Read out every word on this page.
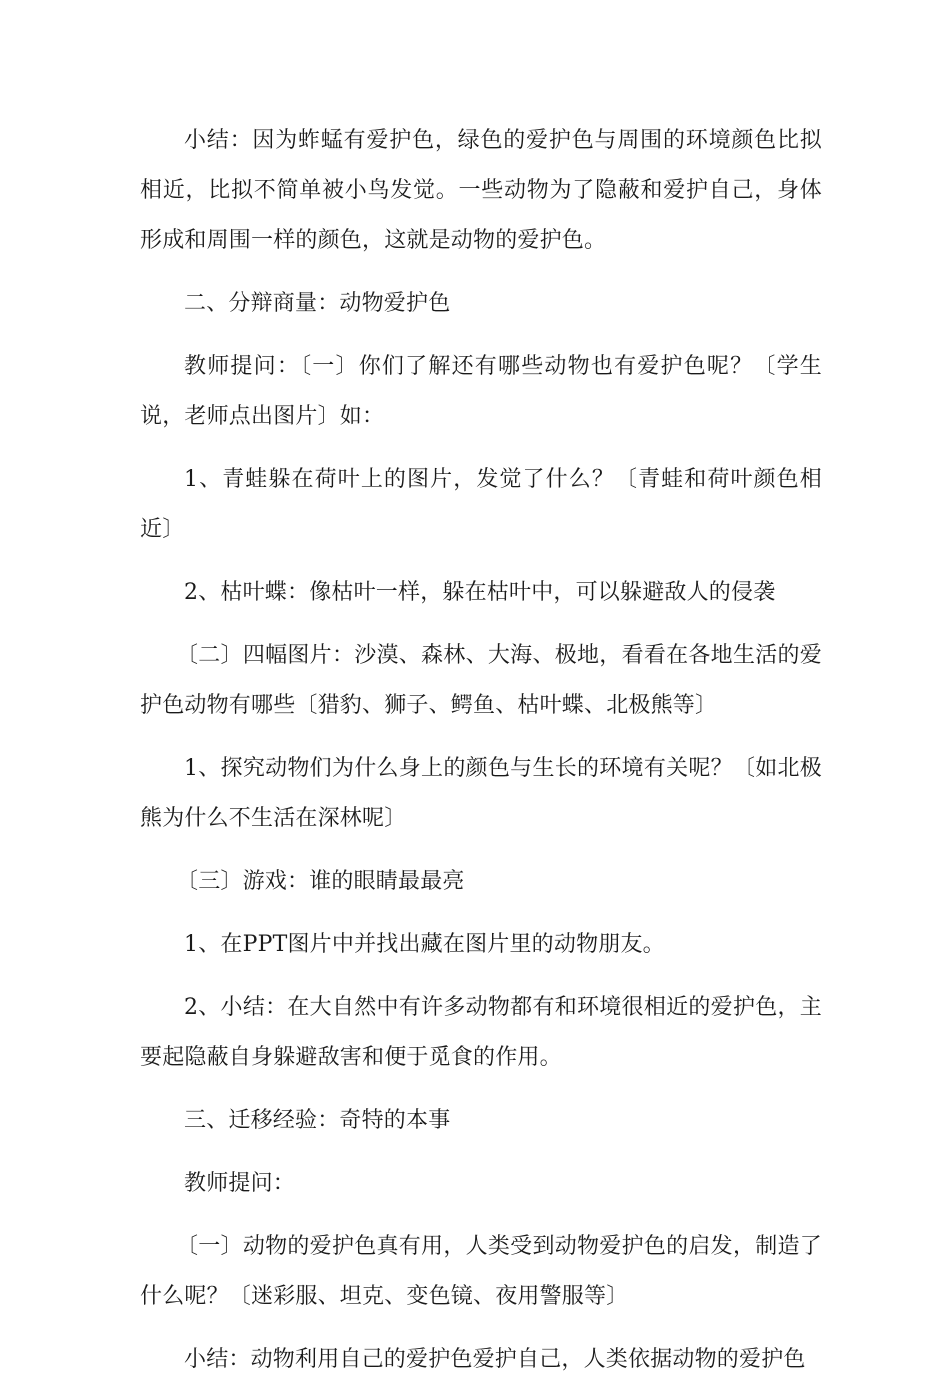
小结：因为蚱蜢有爱护色，绿色的爱护色与周围的环境颜色比拟相近，比拟不简单被小鸟发觉。一些动物为了隐蔽和爱护自己，身体形成和周围一样的颜色，这就是动物的爱护色。

二、分辩商量：动物爱护色

教师提问：〔一〕你们了解还有哪些动物也有爱护色呢？〔学生说，老师点出图片〕如：

1、青蛙躲在荷叶上的图片，发觉了什么？〔青蛙和荷叶颜色相近〕

2、枯叶蝶：像枯叶一样，躲在枯叶中，可以躲避敌人的侵袭

〔二〕四幅图片：沙漠、森林、大海、极地，看看在各地生活的爱护色动物有哪些〔猎豹、狮子、鳄鱼、枯叶蝶、北极熊等〕

1、探究动物们为什么身上的颜色与生长的环境有关呢？〔如北极熊为什么不生活在深林呢〕

〔三〕游戏：谁的眼睛最最亮

1、在PPT图片中并找出藏在图片里的动物朋友。

2、小结：在大自然中有许多动物都有和环境很相近的爱护色，主要起隐蔽自身躲避敌害和便于觅食的作用。

三、迁移经验：奇特的本事

教师提问：

〔一〕动物的爱护色真有用，人类受到动物爱护色的启发，制造了什么呢？〔迷彩服、坦克、变色镜、夜用警服等〕

小结：动物利用自己的爱护色爱护自己，人类依据动物的爱护色
